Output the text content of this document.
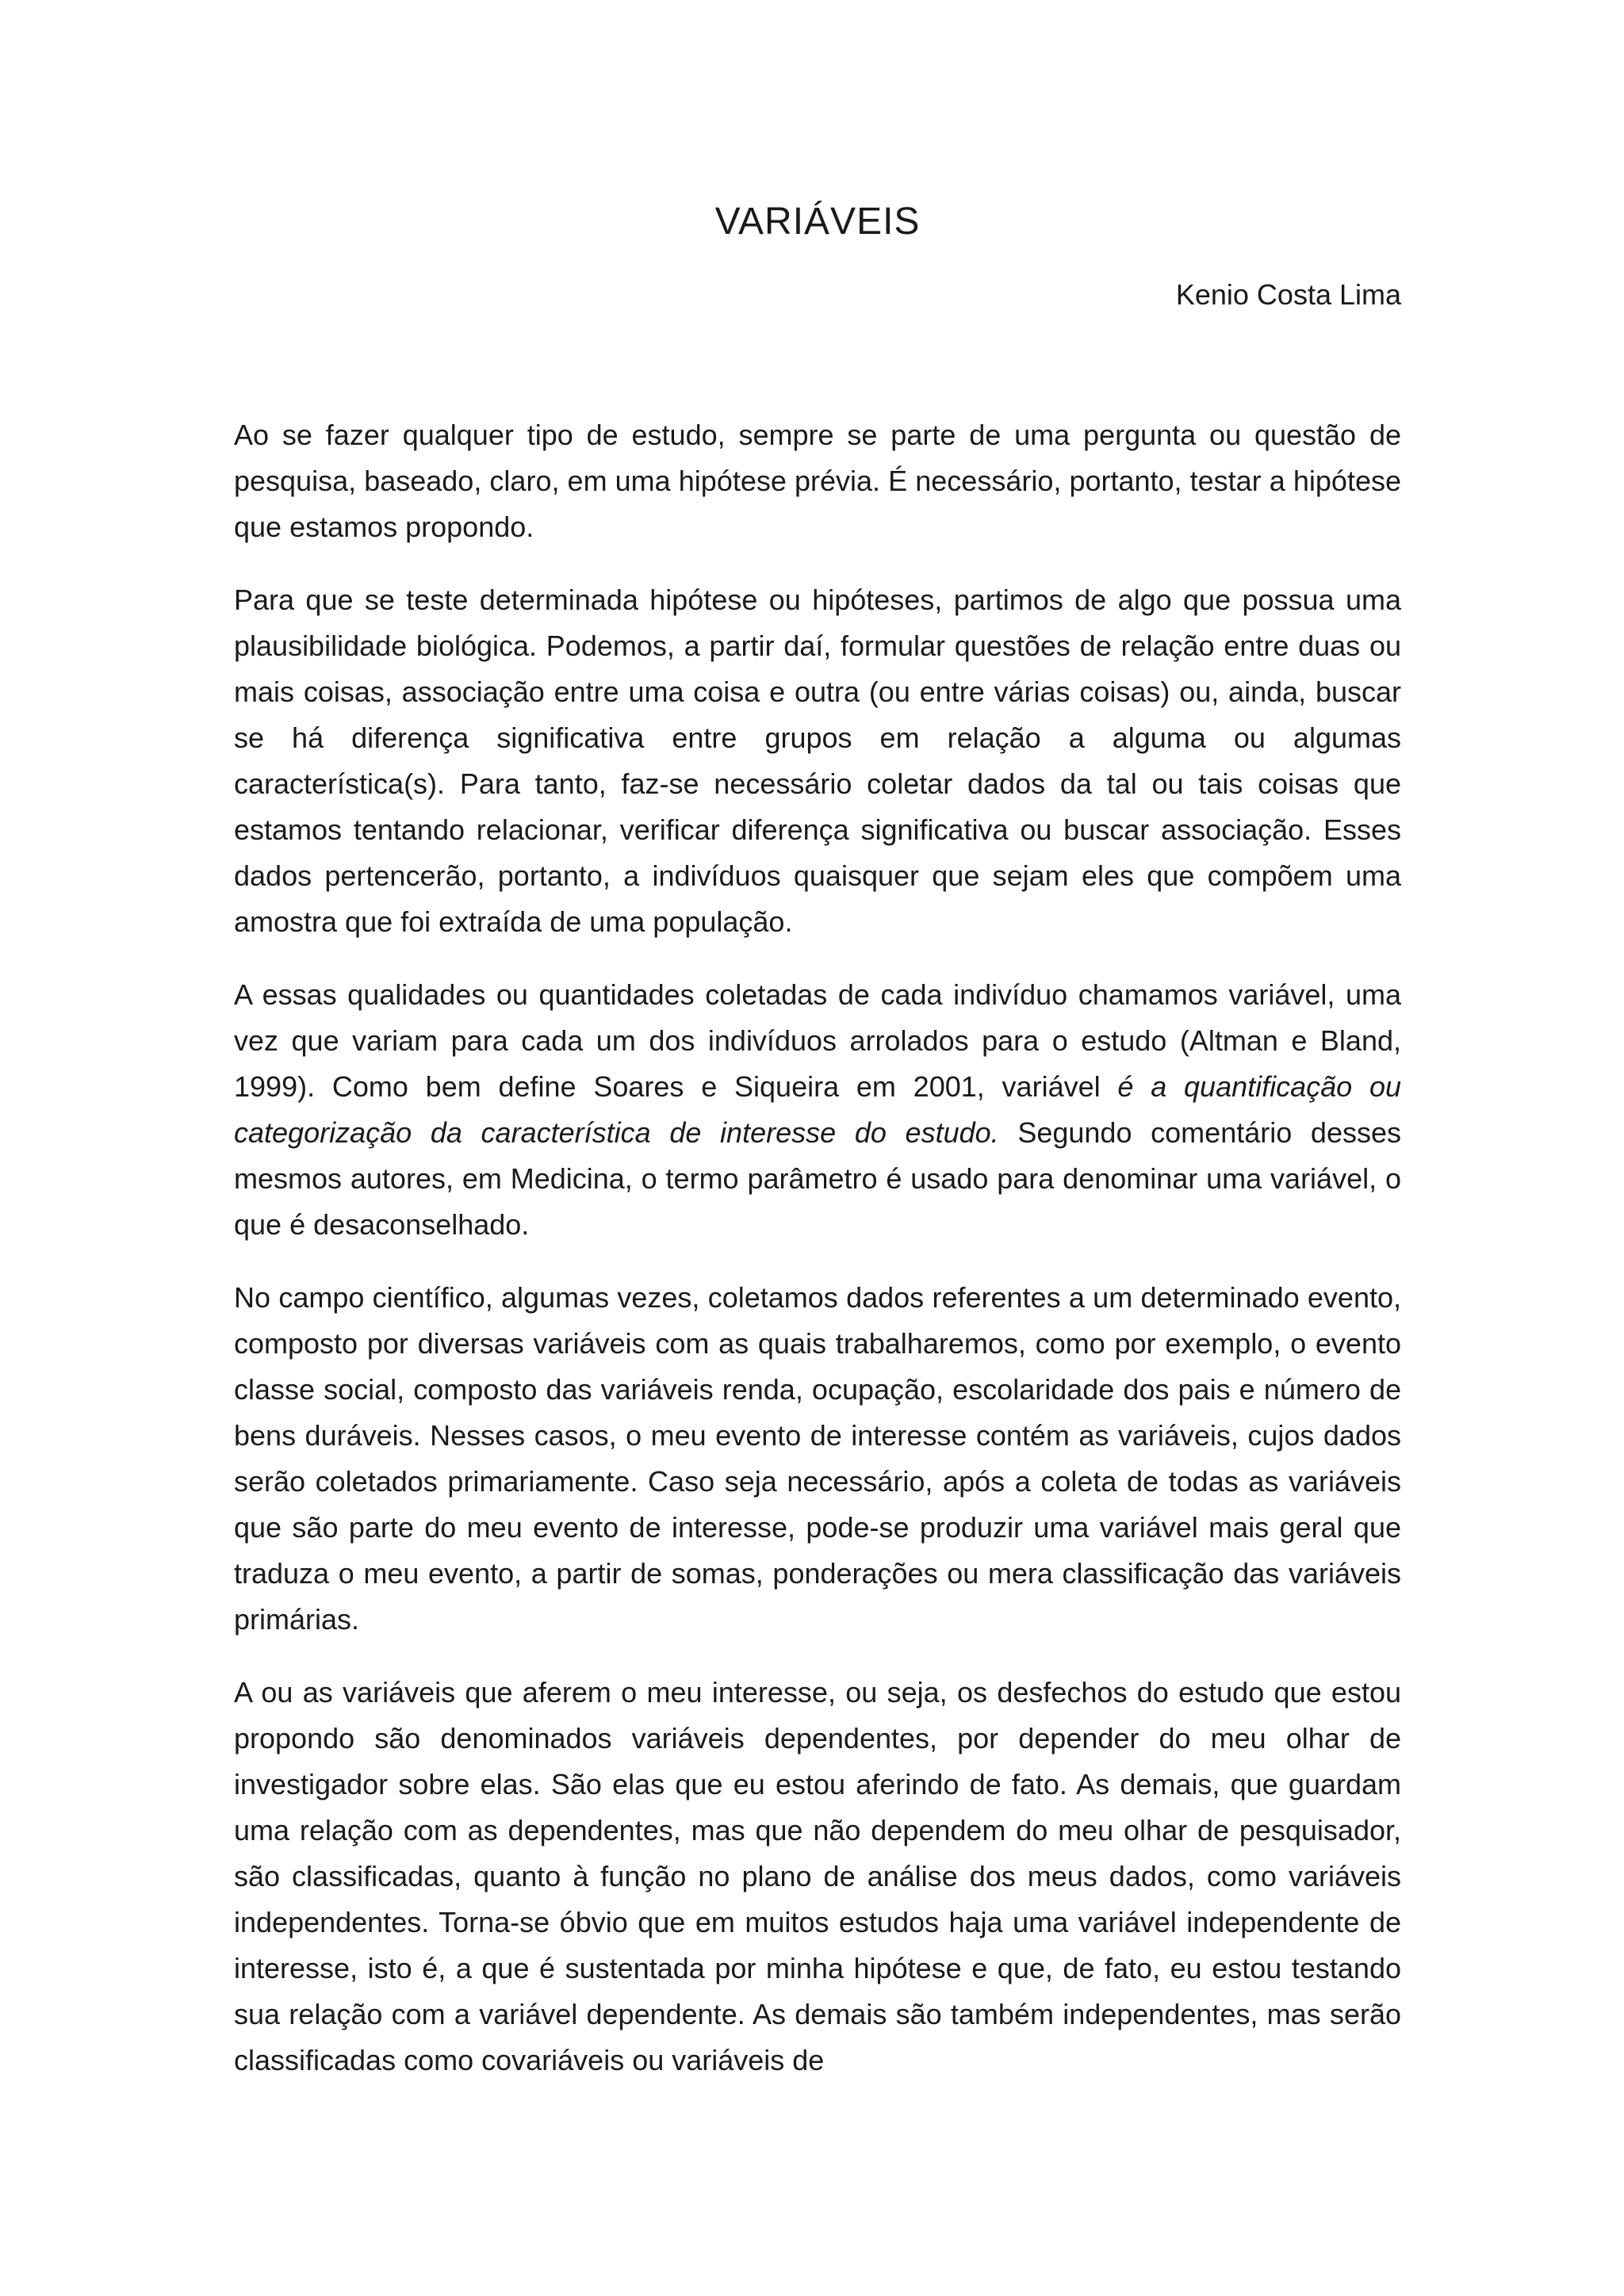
VARIÁVEIS
Kenio Costa Lima

Ao se fazer qualquer tipo de estudo, sempre se parte de uma pergunta ou questão de pesquisa, baseado, claro, em uma hipótese prévia. É necessário, portanto, testar a hipótese que estamos propondo.

Para que se teste determinada hipótese ou hipóteses, partimos de algo que possua uma plausibilidade biológica. Podemos, a partir daí, formular questões de relação entre duas ou mais coisas, associação entre uma coisa e outra (ou entre várias coisas) ou, ainda, buscar se há diferença significativa entre grupos em relação a alguma ou algumas característica(s). Para tanto, faz-se necessário coletar dados da tal ou tais coisas que estamos tentando relacionar, verificar diferença significativa ou buscar associação. Esses dados pertencerão, portanto, a indivíduos quaisquer que sejam eles que compõem uma amostra que foi extraída de uma população.

A essas qualidades ou quantidades coletadas de cada indivíduo chamamos variável, uma vez que variam para cada um dos indivíduos arrolados para o estudo (Altman e Bland, 1999). Como bem define Soares e Siqueira em 2001, variável é a quantificação ou categorização da característica de interesse do estudo. Segundo comentário desses mesmos autores, em Medicina, o termo parâmetro é usado para denominar uma variável, o que é desaconselhado.

No campo científico, algumas vezes, coletamos dados referentes a um determinado evento, composto por diversas variáveis com as quais trabalharemos, como por exemplo, o evento classe social, composto das variáveis renda, ocupação, escolaridade dos pais e número de bens duráveis. Nesses casos, o meu evento de interesse contém as variáveis, cujos dados serão coletados primariamente. Caso seja necessário, após a coleta de todas as variáveis que são parte do meu evento de interesse, pode-se produzir uma variável mais geral que traduza o meu evento, a partir de somas, ponderações ou mera classificação das variáveis primárias.

A ou as variáveis que aferem o meu interesse, ou seja, os desfechos do estudo que estou propondo são denominados variáveis dependentes, por depender do meu olhar de investigador sobre elas. São elas que eu estou aferindo de fato. As demais, que guardam uma relação com as dependentes, mas que não dependem do meu olhar de pesquisador, são classificadas, quanto à função no plano de análise dos meus dados, como variáveis independentes. Torna-se óbvio que em muitos estudos haja uma variável independente de interesse, isto é, a que é sustentada por minha hipótese e que, de fato, eu estou testando sua relação com a variável dependente. As demais são também independentes, mas serão classificadas como covariáveis ou variáveis de
